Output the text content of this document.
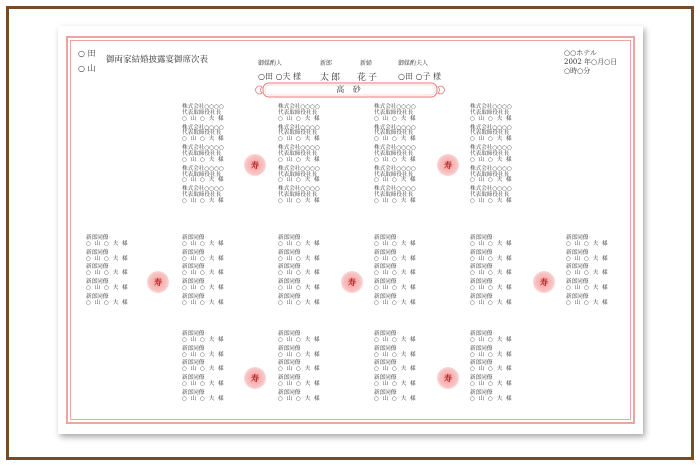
○ 田
○ 山
御両家結婚披露宴御席次表	御媒酌人
○田 ○夫 様
新郎
太郎
新婦
花子
御媒酌夫人
○田 ○子 様
○○ホテル
2002 年○月○日
○時○分
高 砂
寿	寿
寿	寿	寿
寿	寿
株式会社○○○○
代表取締役社長
○ 山 ○ 夫 様
株式会社○○○○
代表取締役社長
○ 山 ○ 夫 様
株式会社○○○○
代表取締役社長
○ 山 ○ 夫 様
株式会社○○○○
代表取締役社長
○ 山 ○ 夫 様
株式会社○○○○
代表取締役社長
○ 山 ○ 夫 様
株式会社○○○○
代表取締役社長
○ 山 ○ 夫 様
株式会社○○○○
代表取締役社長
○ 山 ○ 夫 様
株式会社○○○○
代表取締役社長
○ 山 ○ 夫 様
株式会社○○○○
代表取締役社長
○ 山 ○ 夫 様
株式会社○○○○
代表取締役社長
○ 山 ○ 夫 様
株式会社○○○○
代表取締役社長
○ 山 ○ 夫 様
株式会社○○○○
代表取締役社長
○ 山 ○ 夫 様
株式会社○○○○
代表取締役社長
○ 山 ○ 夫 様
株式会社○○○○
代表取締役社長
○ 山 ○ 夫 様
株式会社○○○○
代表取締役社長
○ 山 ○ 夫 様
株式会社○○○○
代表取締役社長
○ 山 ○ 夫 様
株式会社○○○○
代表取締役社長
○ 山 ○ 夫 様
株式会社○○○○
代表取締役社長
○ 山 ○ 夫 様
株式会社○○○○
代表取締役社長
○ 山 ○ 夫 様
株式会社○○○○
代表取締役社長
○ 山 ○ 夫 様
新郎同僚
○ 山 ○ 夫 様
新郎同僚
○ 山 ○ 夫 様
新郎同僚
○ 山 ○ 夫 様
新郎同僚
○ 山 ○ 夫 様
新郎同僚
○ 山 ○ 夫 様
新郎同僚
○ 山 ○ 夫 様
新郎同僚
○ 山 ○ 夫 様
新郎同僚
○ 山 ○ 夫 様
新郎同僚
○ 山 ○ 夫 様
新郎同僚
○ 山 ○ 夫 様
新郎同僚
○ 山 ○ 夫 様
新郎同僚
○ 山 ○ 夫 様
新郎同僚
○ 山 ○ 夫 様
新郎同僚
○ 山 ○ 夫 様
新郎同僚
○ 山 ○ 夫 様
新郎同僚
○ 山 ○ 夫 様
新郎同僚
○ 山 ○ 夫 様
新郎同僚
○ 山 ○ 夫 様
新郎同僚
○ 山 ○ 夫 様
新郎同僚
○ 山 ○ 夫 様
新郎同僚
○ 山 ○ 夫 様
新郎同僚
○ 山 ○ 夫 様
新郎同僚
○ 山 ○ 夫 様
新郎同僚
○ 山 ○ 夫 様
新郎同僚
○ 山 ○ 夫 様
新郎同僚
○ 山 ○ 夫 様
新郎同僚
○ 山 ○ 夫 様
新郎同僚
○ 山 ○ 夫 様
新郎同僚
○ 山 ○ 夫 様
新郎同僚
○ 山 ○ 夫 様
新郎同僚
○ 山 ○ 夫 様
新郎同僚
○ 山 ○ 夫 様
新郎同僚
○ 山 ○ 夫 様
新郎同僚
○ 山 ○ 夫 様
新郎同僚
○ 山 ○ 夫 様
新郎同僚
○ 山 ○ 夫 様
新郎同僚
○ 山 ○ 夫 様
新郎同僚
○ 山 ○ 夫 様
新郎同僚
○ 山 ○ 夫 様
新郎同僚
○ 山 ○ 夫 様
新郎同僚
○ 山 ○ 夫 様
新郎同僚
○ 山 ○ 夫 様
新郎同僚
○ 山 ○ 夫 様
新郎同僚
○ 山 ○ 夫 様
新郎同僚
○ 山 ○ 夫 様
新郎同僚
○ 山 ○ 夫 様
新郎同僚
○ 山 ○ 夫 様
新郎同僚
○ 山 ○ 夫 様
新郎同僚
○ 山 ○ 夫 様
新郎同僚
○ 山 ○ 夫 様
